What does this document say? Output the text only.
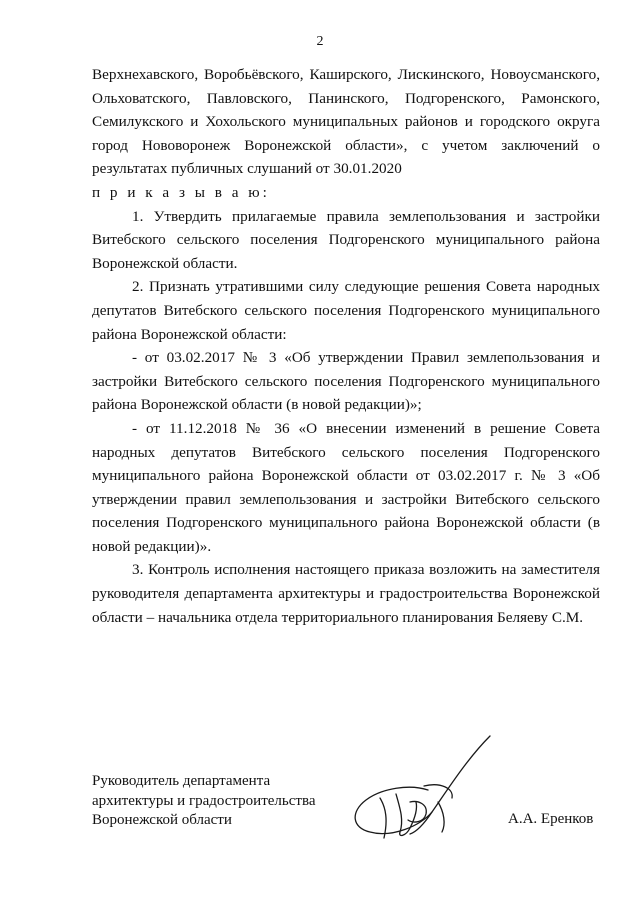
2

Верхнехавского, Воробьёвского, Каширского, Лискинского, Новоусманского, Ольховатского, Павловского, Панинского, Подгоренского, Рамонского, Семилукского и Хохольского муниципальных районов и городского округа город Нововоронеж Воронежской области», с учетом заключений о результатах публичных слушаний от 30.01.2020

п р и к а з ы в а ю:

1. Утвердить прилагаемые правила землепользования и застройки Витебского сельского поселения Подгоренского муниципального района Воронежской области.

2. Признать утратившими силу следующие решения Совета народных депутатов Витебского сельского поселения Подгоренского муниципального района Воронежской области:

- от 03.02.2017 № 3 «Об утверждении Правил землепользования и застройки Витебского сельского поселения Подгоренского муниципального района Воронежской области (в новой редакции)»;

- от 11.12.2018 № 36 «О внесении изменений в решение Совета народных депутатов Витебского сельского поселения Подгоренского муниципального района Воронежской области от 03.02.2017 г. № 3 «Об утверждении правил землепользования и застройки Витебского сельского поселения Подгоренского муниципального района Воронежской области (в новой редакции)».

3. Контроль исполнения настоящего приказа возложить на заместителя руководителя департамента архитектуры и градостроительства Воронежской области – начальника отдела территориального планирования Беляеву С.М.

Руководитель департамента
архитектуры и градостроительства
Воронежской области	А.А. Еренков
